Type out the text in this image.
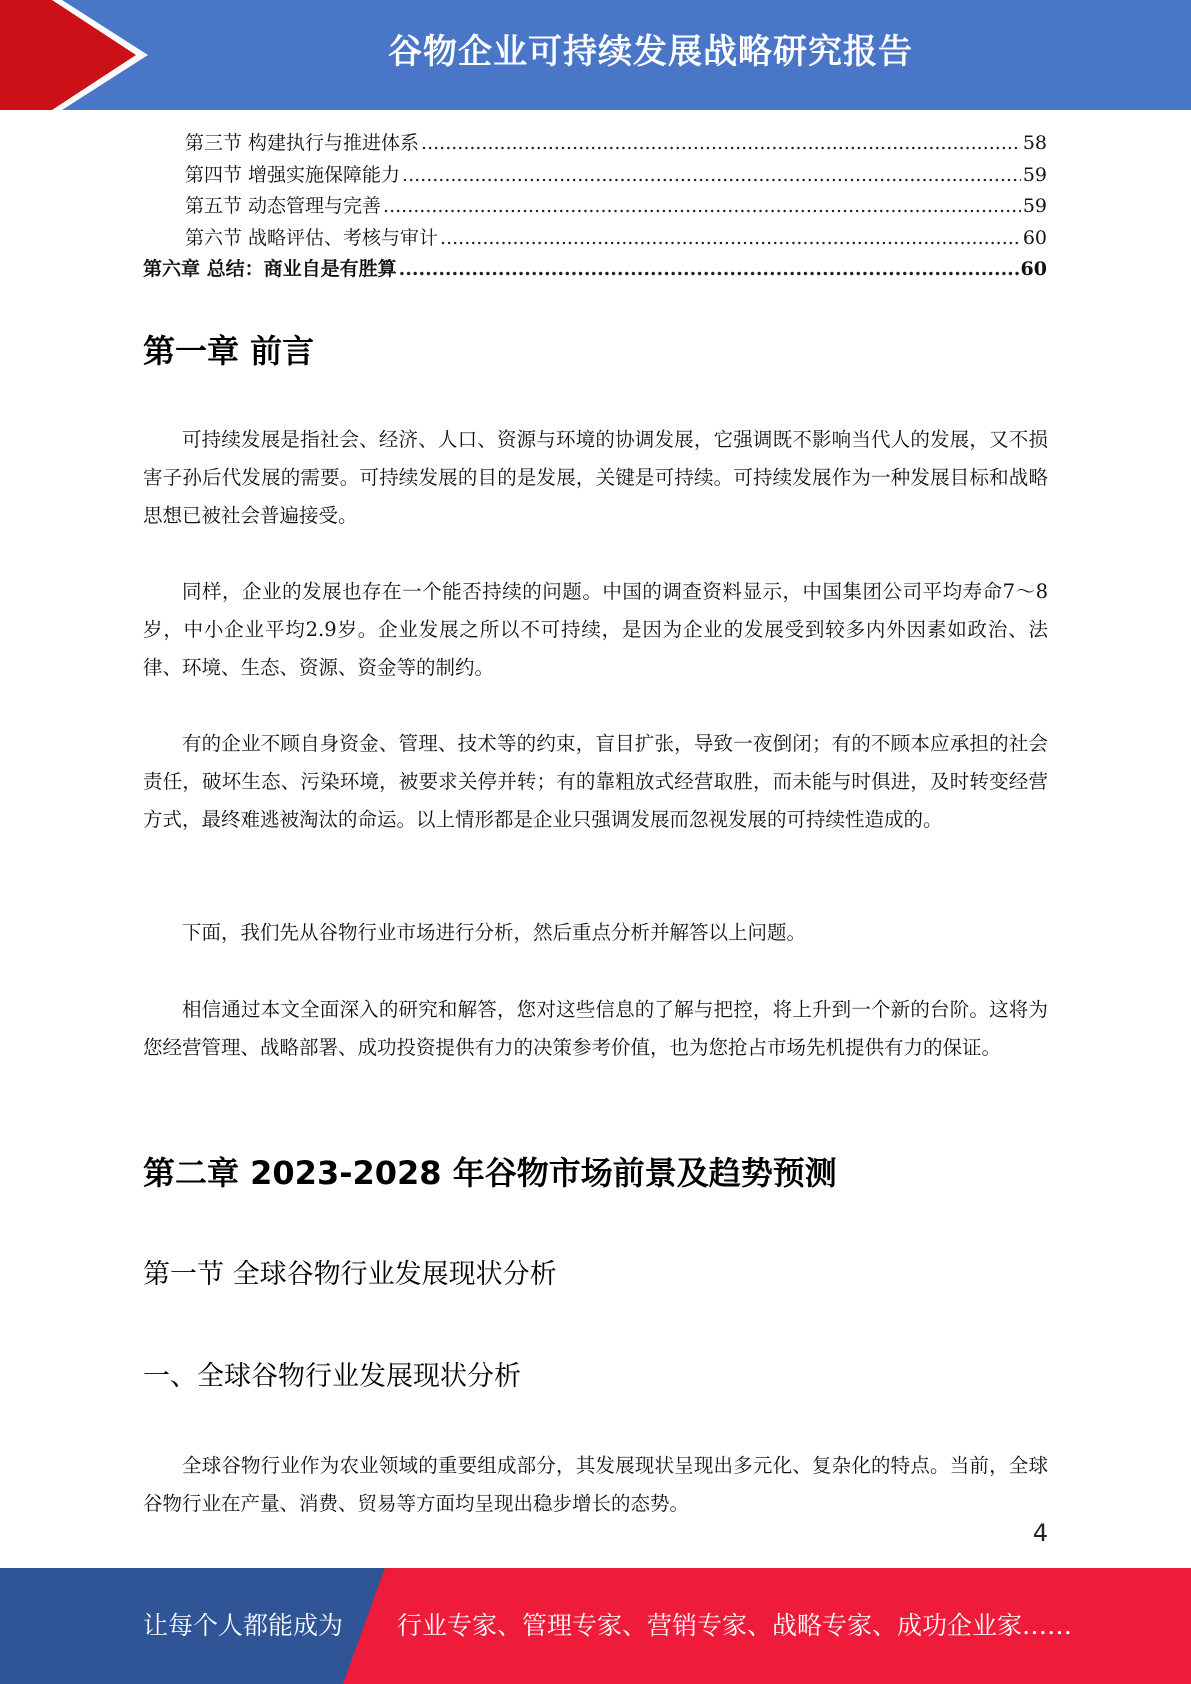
谷物企业可持续发展战略研究报告
第三节 构建执行与推进体系 .....	58
第四节 增强实施保障能力 .....	59
第五节 动态管理与完善 .....	59
第六节 战略评估、考核与审计 .....	60
第六章 总结：商业自是有胜算 .....	60
第一章 前言

可持续发展是指社会、经济、人口、资源与环境的协调发展，它强调既不影响当代人的发展，又不损害子孙后代发展的需要。可持续发展的目的是发展，关键是可持续。可持续发展作为一种发展目标和战略思想已被社会普遍接受。

同样，企业的发展也存在一个能否持续的问题。中国的调查资料显示，中国集团公司平均寿命7～8岁，中小企业平均2.9岁。企业发展之所以不可持续，是因为企业的发展受到较多内外因素如政治、法律、环境、生态、资源、资金等的制约。

有的企业不顾自身资金、管理、技术等的约束，盲目扩张，导致一夜倒闭；有的不顾本应承担的社会责任，破坏生态、污染环境，被要求关停并转；有的靠粗放式经营取胜，而未能与时俱进，及时转变经营方式，最终难逃被淘汰的命运。以上情形都是企业只强调发展而忽视发展的可持续性造成的。

下面，我们先从谷物行业市场进行分析，然后重点分析并解答以上问题。

相信通过本文全面深入的研究和解答，您对这些信息的了解与把控，将上升到一个新的台阶。这将为您经营管理、战略部署、成功投资提供有力的决策参考价值，也为您抢占市场先机提供有力的保证。

第二章 2023-2028 年谷物市场前景及趋势预测
第一节 全球谷物行业发展现状分析
一、全球谷物行业发展现状分析

全球谷物行业作为农业领域的重要组成部分，其发展现状呈现出多元化、复杂化的特点。当前，全球谷物行业在产量、消费、贸易等方面均呈现出稳步增长的态势。

4
让每个人都能成为 行业专家、管理专家、营销专家、战略专家、成功企业家……
